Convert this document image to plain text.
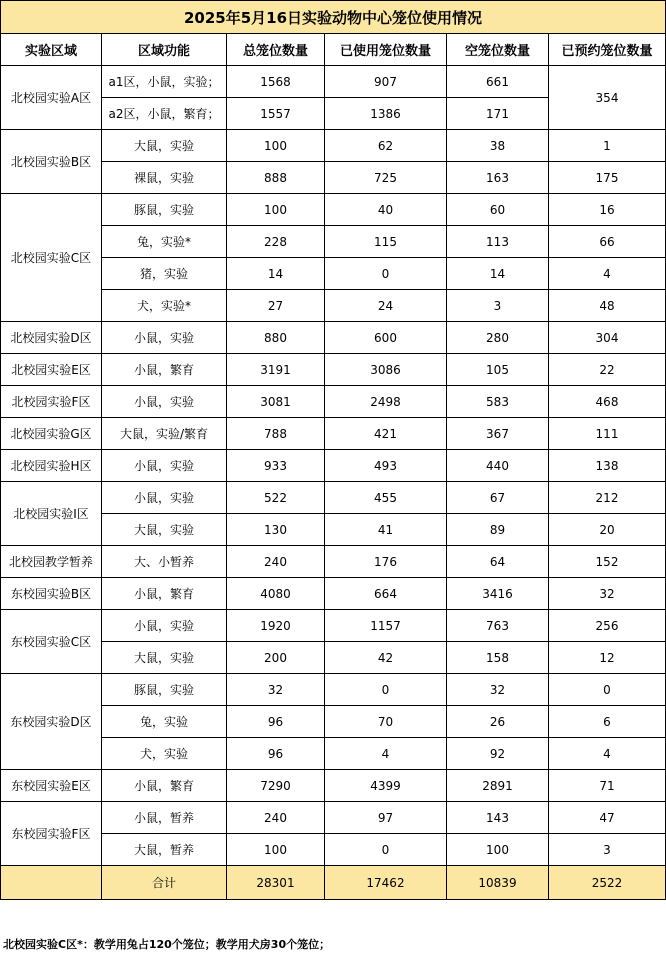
2025年5月16日实验动物中心笼位使用情况					
实验区域	区域功能	总笼位数量	已使用笼位数量	空笼位数量	已预约笼位数量
北校园实验A区	a1区，小鼠，实验；	1568	907	661	354
	a2区，小鼠，繁育；	1557	1386	171	
北校园实验B区	大鼠，实验	100	62	38	1
	裸鼠，实验	888	725	163	175
北校园实验C区	豚鼠，实验	100	40	60	16
	兔，实验*	228	115	113	66
	猪，实验	14	0	14	4
	犬，实验*	27	24	3	48
北校园实验D区	小鼠，实验	880	600	280	304
北校园实验E区	小鼠，繁育	3191	3086	105	22
北校园实验F区	小鼠，实验	3081	2498	583	468
北校园实验G区	大鼠，实验/繁育	788	421	367	111
北校园实验H区	小鼠，实验	933	493	440	138
北校园实验I区	小鼠，实验	522	455	67	212
	大鼠，实验	130	41	89	20
北校园教学暂养	大、小暂养	240	176	64	152
东校园实验B区	小鼠，繁育	4080	664	3416	32
东校园实验C区	小鼠，实验	1920	1157	763	256
	大鼠，实验	200	42	158	12
东校园实验D区	豚鼠，实验	32	0	32	0
	兔，实验	96	70	26	6
	犬，实验	96	4	92	4
东校园实验E区	小鼠，繁育	7290	4399	2891	71
东校园实验F区	小鼠，暂养	240	97	143	47
	大鼠，暂养	100	0	100	3
	合计	28301	17462	10839	2522
北校园实验C区*：教学用兔占120个笼位；教学用犬房30个笼位；
